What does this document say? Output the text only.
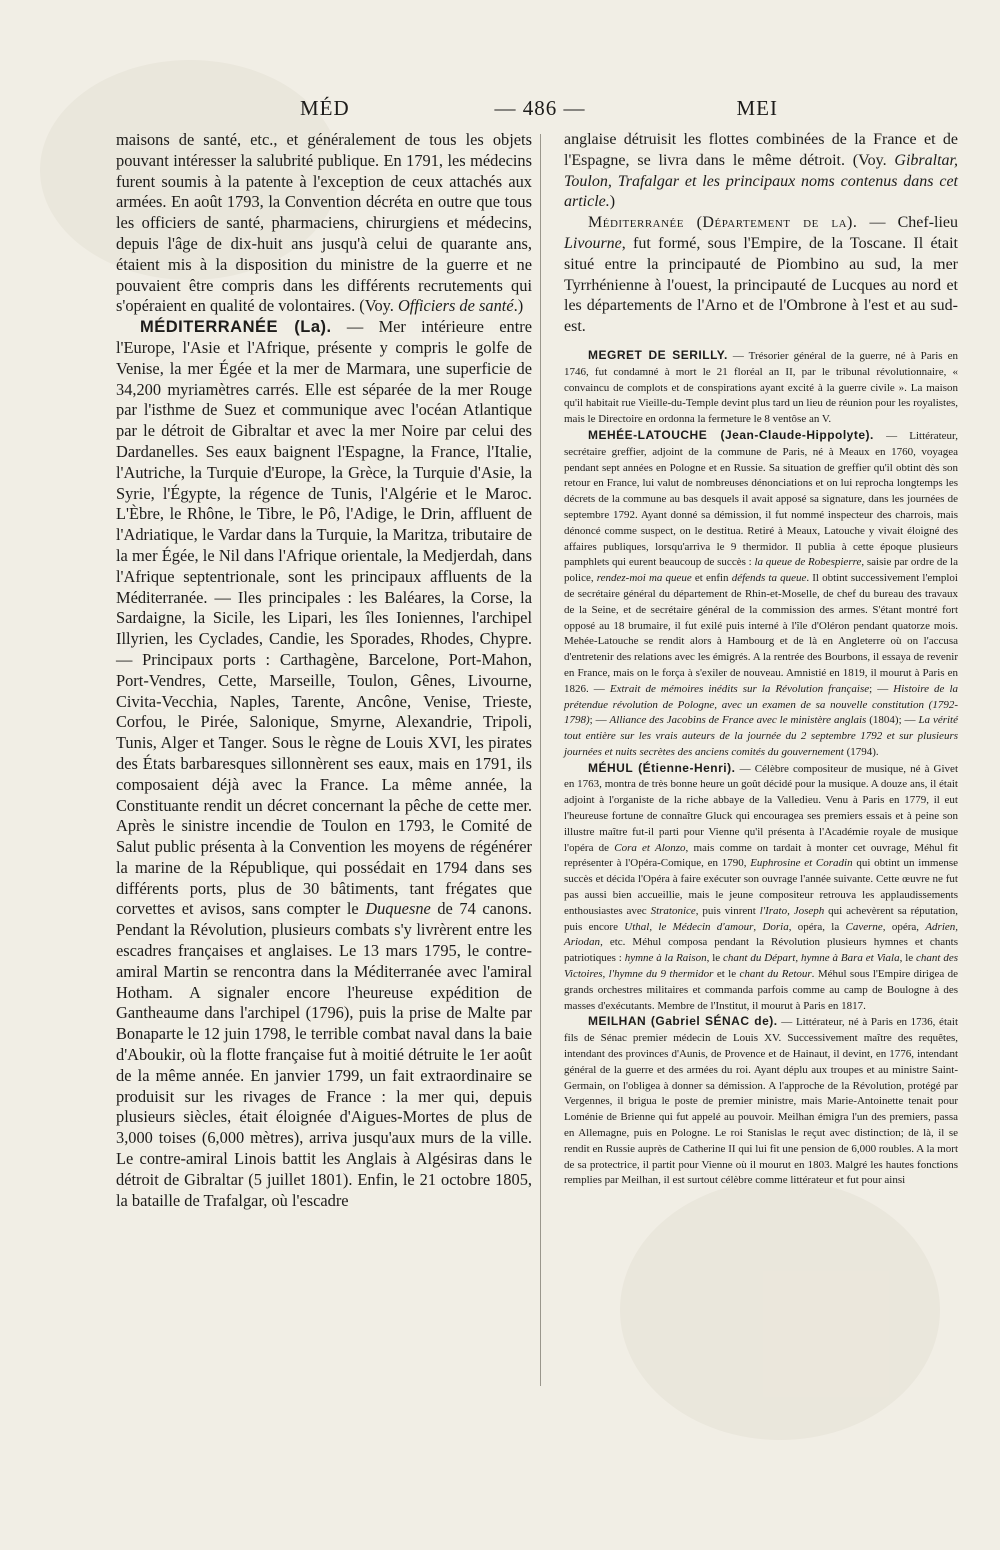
MÉD	— 486 —	MEI

maisons de santé, etc., et généralement de tous les objets pouvant intéresser la salubrité publique. En 1791, les médecins furent soumis à la patente à l'exception de ceux attachés aux armées. En août 1793, la Convention décréta en outre que tous les officiers de santé, pharmaciens, chirurgiens et médecins, depuis l'âge de dix-huit ans jusqu'à celui de quarante ans, étaient mis à la disposition du ministre de la guerre et ne pouvaient être compris dans les différents recrutements qui s'opéraient en qualité de volontaires. (Voy. Officiers de santé.)

MÉDITERRANÉE (La). — Mer intérieure entre l'Europe, l'Asie et l'Afrique, présente y compris le golfe de Venise, la mer Égée et la mer de Marmara, une superficie de 34,200 myriamètres carrés. Elle est séparée de la mer Rouge par l'isthme de Suez et communique avec l'océan Atlantique par le détroit de Gibraltar et avec la mer Noire par celui des Dardanelles. Ses eaux baignent l'Espagne, la France, l'Italie, l'Autriche, la Turquie d'Europe, la Grèce, la Turquie d'Asie, la Syrie, l'Égypte, la régence de Tunis, l'Algérie et le Maroc. L'Èbre, le Rhône, le Tibre, le Pô, l'Adige, le Drin, affluent de l'Adriatique, le Vardar dans la Turquie, la Maritza, tributaire de la mer Égée, le Nil dans l'Afrique orientale, la Medjerdah, dans l'Afrique septentrionale, sont les principaux affluents de la Méditerranée. — Iles principales : les Baléares, la Corse, la Sardaigne, la Sicile, les Lipari, les îles Ioniennes, l'archipel Illyrien, les Cyclades, Candie, les Sporades, Rhodes, Chypre. — Principaux ports : Carthagène, Barcelone, Port-Mahon, Port-Vendres, Cette, Marseille, Toulon, Gênes, Livourne, Civita-Vecchia, Naples, Tarente, Ancône, Venise, Trieste, Corfou, le Pirée, Salonique, Smyrne, Alexandrie, Tripoli, Tunis, Alger et Tanger. Sous le règne de Louis XVI, les pirates des États barbaresques sillonnèrent ses eaux, mais en 1791, ils composaient déjà avec la France. La même année, la Constituante rendit un décret concernant la pêche de cette mer. Après le sinistre incendie de Toulon en 1793, le Comité de Salut public présenta à la Convention les moyens de régénérer la marine de la République, qui possédait en 1794 dans ses différents ports, plus de 30 bâtiments, tant frégates que corvettes et avisos, sans compter le Duquesne de 74 canons. Pendant la Révolution, plusieurs combats s'y livrèrent entre les escadres françaises et anglaises. Le 13 mars 1795, le contre-amiral Martin se rencontra dans la Méditerranée avec l'amiral Hotham. A signaler encore l'heureuse expédition de Gantheaume dans l'archipel (1796), puis la prise de Malte par Bonaparte le 12 juin 1798, le terrible combat naval dans la baie d'Aboukir, où la flotte française fut à moitié détruite le 1er août de la même année. En janvier 1799, un fait extraordinaire se produisit sur les rivages de France : la mer qui, depuis plusieurs siècles, était éloignée d'Aigues-Mortes de plus de 3,000 toises (6,000 mètres), arriva jusqu'aux murs de la ville. Le contre-amiral Linois battit les Anglais à Algésiras dans le détroit de Gibraltar (5 juillet 1801). Enfin, le 21 octobre 1805, la bataille de Trafalgar, où l'escadre

anglaise détruisit les flottes combinées de la France et de l'Espagne, se livra dans le même détroit. (Voy. Gibraltar, Toulon, Trafalgar et les principaux noms contenus dans cet article.)

Méditerranée (Département de la). — Chef-lieu Livourne, fut formé, sous l'Empire, de la Toscane. Il était situé entre la principauté de Piombino au sud, la mer Tyrrhénienne à l'ouest, la principauté de Lucques au nord et les départements de l'Arno et de l'Ombrone à l'est et au sud-est.

MEGRET DE SERILLY. — Trésorier général de la guerre, né à Paris en 1746, fut condamné à mort le 21 floréal an II, par le tribunal révolutionnaire, « convaincu de complots et de conspirations ayant excité à la guerre civile ». La maison qu'il habitait rue Vieille-du-Temple devint plus tard un lieu de réunion pour les royalistes, mais le Directoire en ordonna la fermeture le 8 ventôse an V.

MEHÉE-LATOUCHE (Jean-Claude-Hippolyte). — Littérateur, secrétaire greffier, adjoint de la commune de Paris, né à Meaux en 1760, voyagea pendant sept années en Pologne et en Russie. Sa situation de greffier qu'il obtint dès son retour en France, lui valut de nombreuses dénonciations et on lui reprocha longtemps les décrets de la commune au bas desquels il avait apposé sa signature, dans les journées de septembre 1792. Ayant donné sa démission, il fut nommé inspecteur des charrois, mais dénoncé comme suspect, on le destitua. Retiré à Meaux, Latouche y vivait éloigné des affaires publiques, lorsqu'arriva le 9 thermidor. Il publia à cette époque plusieurs pamphlets qui eurent beaucoup de succès : la queue de Robespierre, saisie par ordre de la police, rendez-moi ma queue et enfin défends ta queue. Il obtint successivement l'emploi de secrétaire général du département de Rhin-et-Moselle, de chef du bureau des travaux de la Seine, et de secrétaire général de la commission des armes. S'étant montré fort opposé au 18 brumaire, il fut exilé puis interné à l'île d'Oléron pendant quatorze mois. Mehée-Latouche se rendit alors à Hambourg et de là en Angleterre où on l'accusa d'entretenir des relations avec les émigrés. A la rentrée des Bourbons, il essaya de revenir en France, mais on le força à s'exiler de nouveau. Amnistié en 1819, il mourut à Paris en 1826. — Extrait de mémoires inédits sur la Révolution française; — Histoire de la prétendue révolution de Pologne, avec un examen de sa nouvelle constitution (1792-1798); — Alliance des Jacobins de France avec le ministère anglais (1804); — La vérité tout entière sur les vrais auteurs de la journée du 2 septembre 1792 et sur plusieurs journées et nuits secrètes des anciens comités du gouvernement (1794).

MÉHUL (Étienne-Henri). — Célèbre compositeur de musique, né à Givet en 1763, montra de très bonne heure un goût décidé pour la musique. A douze ans, il était adjoint à l'organiste de la riche abbaye de la Valledieu. Venu à Paris en 1779, il eut l'heureuse fortune de connaître Gluck qui encouragea ses premiers essais et à peine son illustre maître fut-il parti pour Vienne qu'il présenta à l'Académie royale de musique l'opéra de Cora et Alonzo, mais comme on tardait à monter cet ouvrage, Méhul fit représenter à l'Opéra-Comique, en 1790, Euphrosine et Coradin qui obtint un immense succès et décida l'Opéra à faire exécuter son ouvrage l'année suivante. Cette œuvre ne fut pas aussi bien accueillie, mais le jeune compositeur retrouva les applaudissements enthousiastes avec Stratonice, puis vinrent l'Irato, Joseph qui achevèrent sa réputation, puis encore Uthal, le Médecin d'amour, Doria, opéra, la Caverne, opéra, Adrien, Ariodan, etc. Méhul composa pendant la Révolution plusieurs hymnes et chants patriotiques : hymne à la Raison, le chant du Départ, hymne à Bara et Viala, le chant des Victoires, l'hymne du 9 thermidor et le chant du Retour. Méhul sous l'Empire dirigea de grands orchestres militaires et commanda parfois comme au camp de Boulogne à des masses d'exécutants. Membre de l'Institut, il mourut à Paris en 1817.

MEILHAN (Gabriel SÉNAC de). — Littérateur, né à Paris en 1736, était fils de Sénac premier médecin de Louis XV. Successivement maître des requêtes, intendant des provinces d'Aunis, de Provence et de Hainaut, il devint, en 1776, intendant général de la guerre et des armées du roi. Ayant déplu aux troupes et au ministre Saint-Germain, on l'obligea à donner sa démission. A l'approche de la Révolution, protégé par Vergennes, il brigua le poste de premier ministre, mais Marie-Antoinette tenait pour Loménie de Brienne qui fut appelé au pouvoir. Meilhan émigra l'un des premiers, passa en Allemagne, puis en Pologne. Le roi Stanislas le reçut avec distinction; de là, il se rendit en Russie auprès de Catherine II qui lui fit une pension de 6,000 roubles. A la mort de sa protectrice, il partit pour Vienne où il mourut en 1803. Malgré les hautes fonctions remplies par Meilhan, il est surtout célèbre comme littérateur et fut pour ainsi
